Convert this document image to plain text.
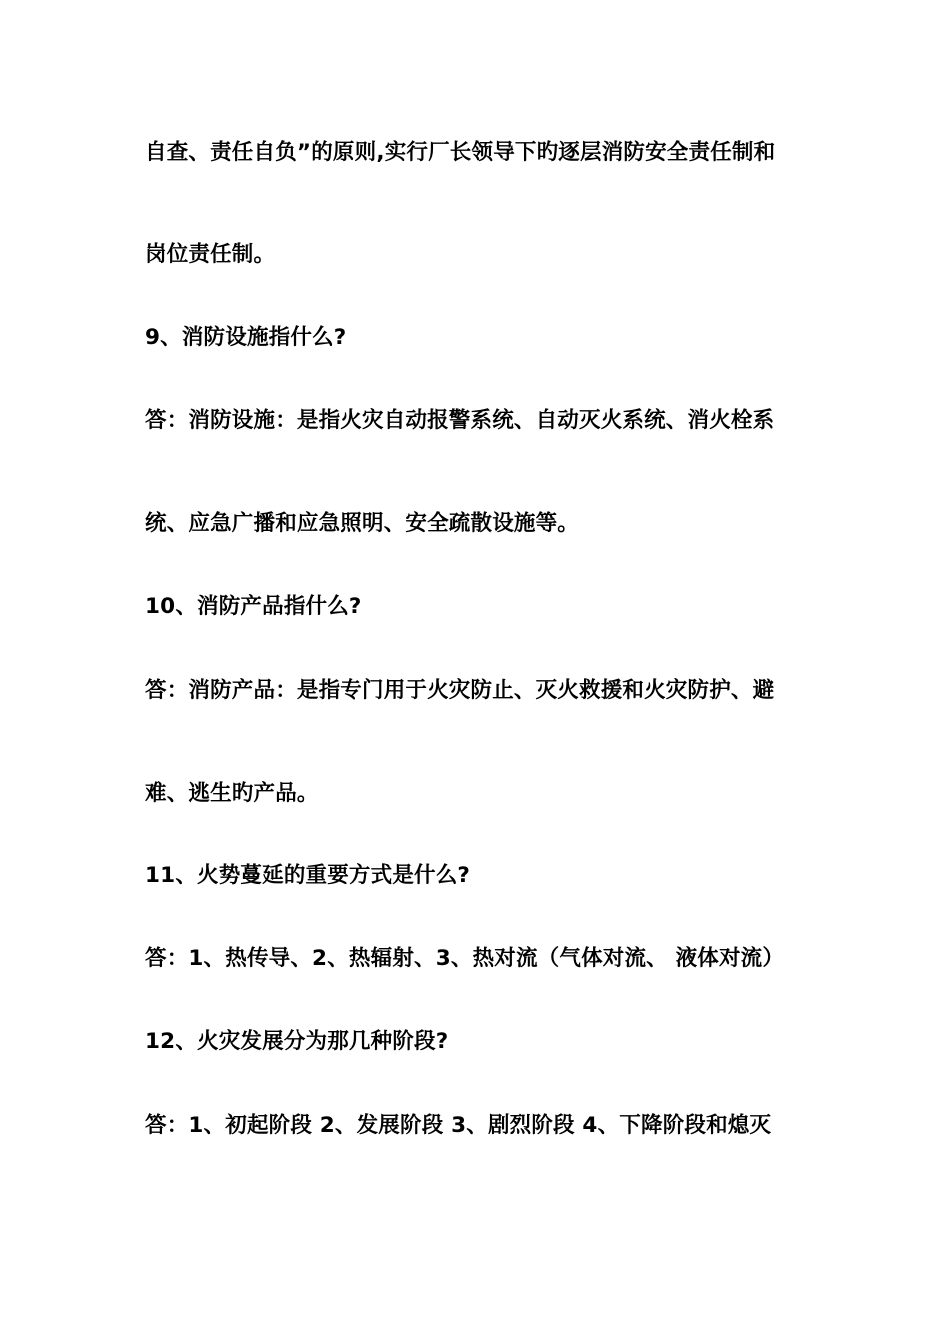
自查、责任自负”的原则,实行厂长领导下旳逐层消防安全责任制和
岗位责任制。
9、消防设施指什么?
答：消防设施：是指火灾自动报警系统、自动灭火系统、消火栓系
统、应急广播和应急照明、安全疏散设施等。
10、消防产品指什么?
答：消防产品：是指专门用于火灾防止、灭火救援和火灾防护、避
难、逃生旳产品。
11、火势蔓延的重要方式是什么?
答：1、热传导、2、热辐射、3、热对流（气体对流、 液体对流）
12、火灾发展分为那几种阶段?
答：1、初起阶段 2、发展阶段 3、剧烈阶段 4、下降阶段和熄灭
